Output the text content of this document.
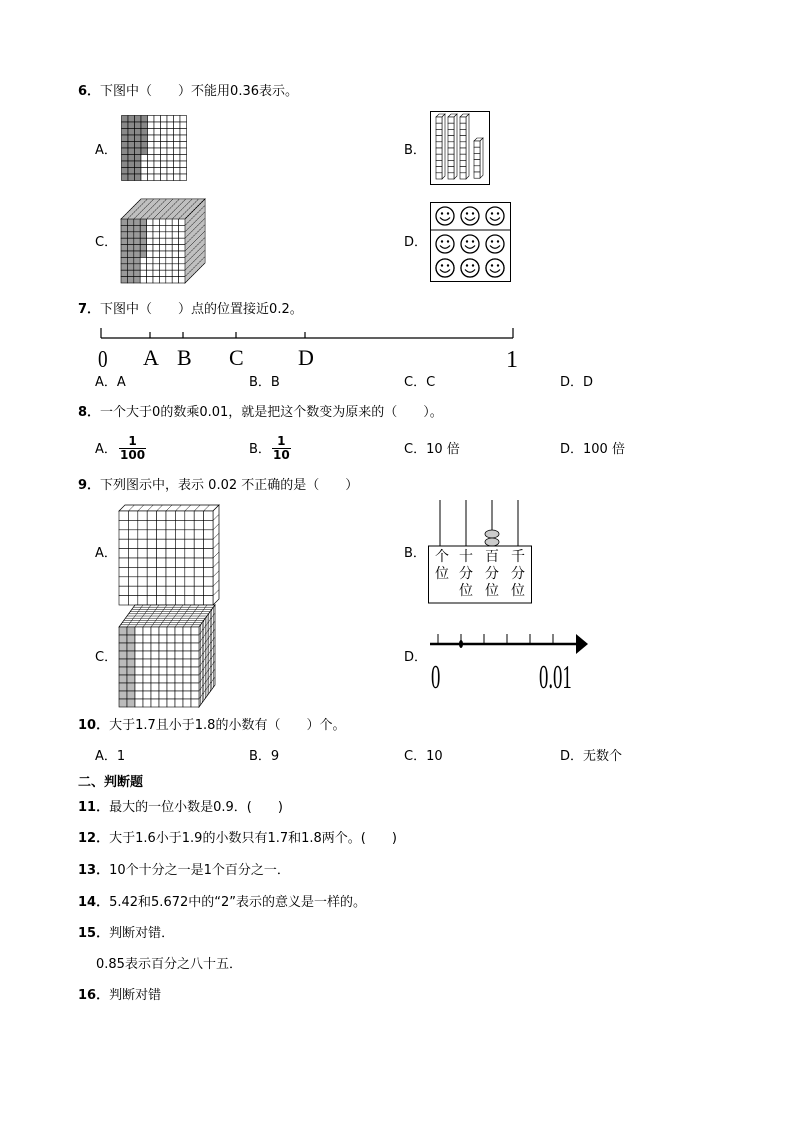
6．下图中（　　）不能用0.36表示。
A．	B．
C．	D．
7．下图中（　　）点的位置接近0.2。
0 A B C D	1
A．A	B．B	C．C	D．D
8．一个大于0的数乘0.01，就是把这个数变为原来的（　　）。
A． $\frac{1}{100}$	B． $\frac{1}{10}$	C．10 倍	D．100 倍
9．下列图示中，表示 0.02 不正确的是（　　）
A．	B． 个
位
十
分
位
百
分
位
千
分
位
C．	D．
0	0.01
10．大于1.7且小于1.8的小数有（　　）个。
A．1	B．9	C．10	D．无数个
二、判断题
11．最大的一位小数是0.9．(　　)
12．大于1.6小于1.9的小数只有1.7和1.8两个。(　　)
13．10个十分之一是1个百分之一．
14．5.42和5.672中的“2”表示的意义是一样的。
15．判断对错．
0.85表示百分之八十五．
16．判断对错
